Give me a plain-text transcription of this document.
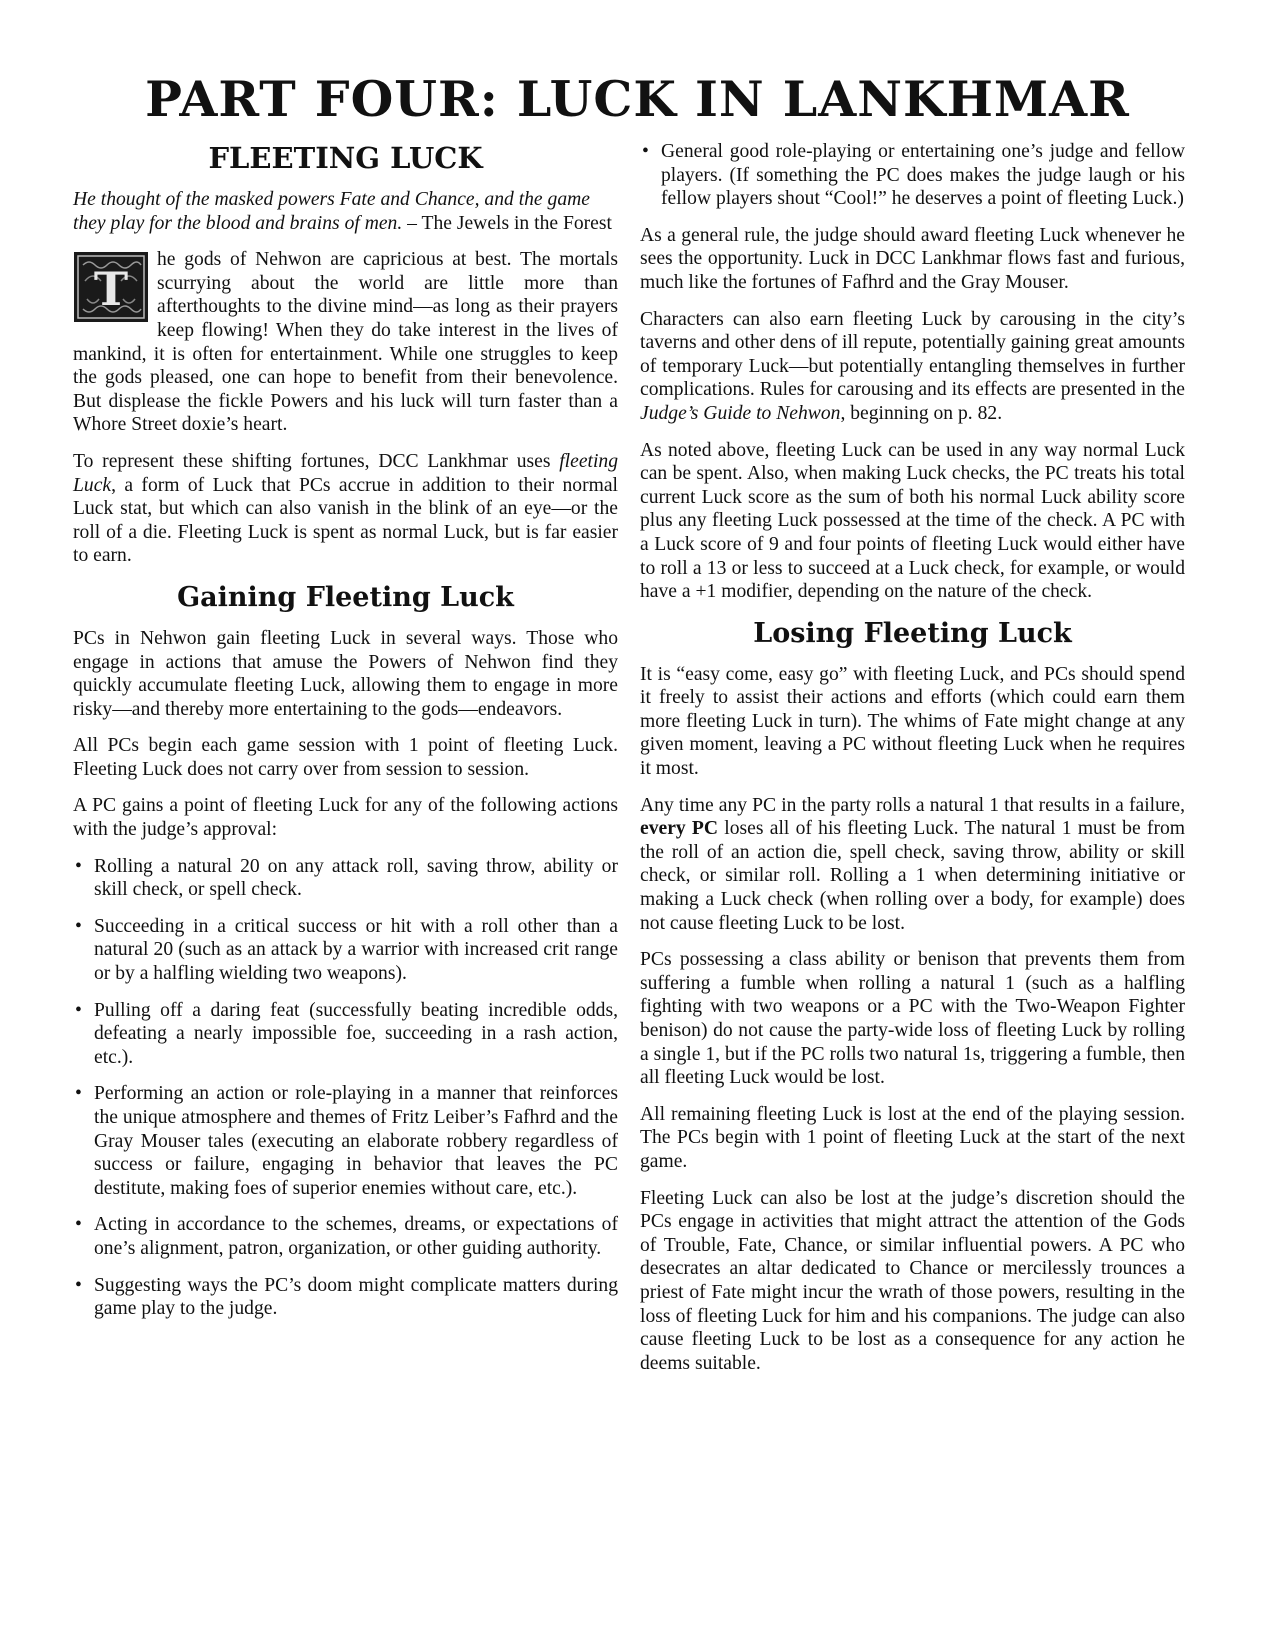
PART FOUR: LUCK IN LANKHMAR
FLEETING LUCK

He thought of the masked powers Fate and Chance, and the game they play for the blood and brains of men. – The Jewels in the Forest

T
he gods of Nehwon are capricious at best. The mortals scurrying about the world are little more than afterthoughts to the divine mind—as long as their prayers keep flowing! When they do take interest in the lives of mankind, it is often for entertainment. While one struggles to keep the gods pleased, one can hope to benefit from their benevolence. But displease the fickle Powers and his luck will turn faster than a Whore Street doxie’s heart.

To represent these shifting fortunes, DCC Lankhmar uses fleeting Luck, a form of Luck that PCs accrue in addition to their normal Luck stat, but which can also vanish in the blink of an eye—or the roll of a die. Fleeting Luck is spent as normal Luck, but is far easier to earn.

Gaining Fleeting Luck

PCs in Nehwon gain fleeting Luck in several ways. Those who engage in actions that amuse the Powers of Nehwon find they quickly accumulate fleeting Luck, allowing them to engage in more risky—and thereby more entertaining to the gods—endeavors.

All PCs begin each game session with 1 point of fleeting Luck. Fleeting Luck does not carry over from session to session.

A PC gains a point of fleeting Luck for any of the following actions with the judge’s approval:

• Rolling a natural 20 on any attack roll, saving throw, ability or skill check, or spell check.
• Succeeding in a critical success or hit with a roll other than a natural 20 (such as an attack by a warrior with increased crit range or by a halfling wielding two weapons).
• Pulling off a daring feat (successfully beating incredible odds, defeating a nearly impossible foe, succeeding in a rash action, etc.).
• Performing an action or role-playing in a manner that reinforces the unique atmosphere and themes of Fritz Leiber’s Fafhrd and the Gray Mouser tales (executing an elaborate robbery regardless of success or failure, engaging in behavior that leaves the PC destitute, making foes of superior enemies without care, etc.).
• Acting in accordance to the schemes, dreams, or expectations of one’s alignment, patron, organization, or other guiding authority.
• Suggesting ways the PC’s doom might complicate matters during game play to the judge.
• General good role-playing or entertaining one’s judge and fellow players. (If something the PC does makes the judge laugh or his fellow players shout “Cool!” he deserves a point of fleeting Luck.)

As a general rule, the judge should award fleeting Luck whenever he sees the opportunity. Luck in DCC Lankhmar flows fast and furious, much like the fortunes of Fafhrd and the Gray Mouser.

Characters can also earn fleeting Luck by carousing in the city’s taverns and other dens of ill repute, potentially gaining great amounts of temporary Luck—but potentially entangling themselves in further complications. Rules for carousing and its effects are presented in the Judge’s Guide to Nehwon, beginning on p. 82.

As noted above, fleeting Luck can be used in any way normal Luck can be spent. Also, when making Luck checks, the PC treats his total current Luck score as the sum of both his normal Luck ability score plus any fleeting Luck possessed at the time of the check. A PC with a Luck score of 9 and four points of fleeting Luck would either have to roll a 13 or less to succeed at a Luck check, for example, or would have a +1 modifier, depending on the nature of the check.

Losing Fleeting Luck

It is “easy come, easy go” with fleeting Luck, and PCs should spend it freely to assist their actions and efforts (which could earn them more fleeting Luck in turn). The whims of Fate might change at any given moment, leaving a PC without fleeting Luck when he requires it most.

Any time any PC in the party rolls a natural 1 that results in a failure, every PC loses all of his fleeting Luck. The natural 1 must be from the roll of an action die, spell check, saving throw, ability or skill check, or similar roll. Rolling a 1 when determining initiative or making a Luck check (when rolling over a body, for example) does not cause fleeting Luck to be lost.

PCs possessing a class ability or benison that prevents them from suffering a fumble when rolling a natural 1 (such as a halfling fighting with two weapons or a PC with the Two-Weapon Fighter benison) do not cause the party-wide loss of fleeting Luck by rolling a single 1, but if the PC rolls two natural 1s, triggering a fumble, then all fleeting Luck would be lost.

All remaining fleeting Luck is lost at the end of the playing session. The PCs begin with 1 point of fleeting Luck at the start of the next game.

Fleeting Luck can also be lost at the judge’s discretion should the PCs engage in activities that might attract the attention of the Gods of Trouble, Fate, Chance, or similar influential powers. A PC who desecrates an altar dedicated to Chance or mercilessly trounces a priest of Fate might incur the wrath of those powers, resulting in the loss of fleeting Luck for him and his companions. The judge can also cause fleeting Luck to be lost as a consequence for any action he deems suitable.
